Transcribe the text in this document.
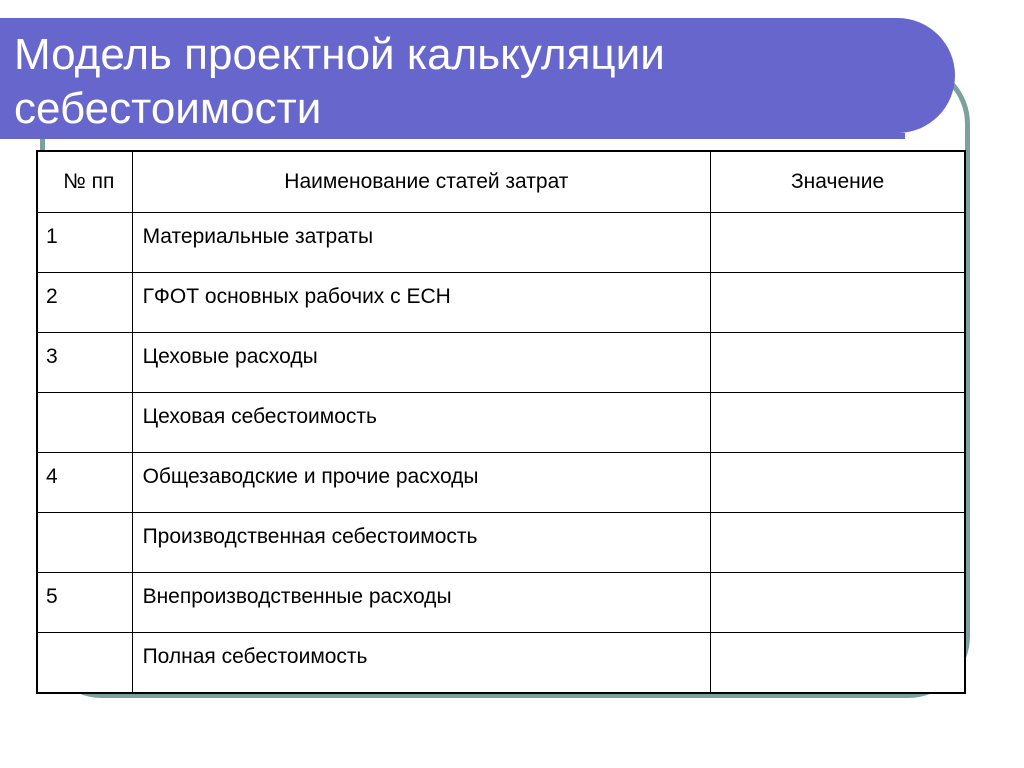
Модель проектной калькуляции
себестоимости
№ пп	Наименование статей затрат	Значение
1	Материальные затраты	
2	ГФОТ основных рабочих с ЕСН	
3	Цеховые расходы	
	Цеховая себестоимость	
4	Общезаводские и прочие расходы	
	Производственная себестоимость	
5	Внепроизводственные расходы	
	Полная себестоимость	
